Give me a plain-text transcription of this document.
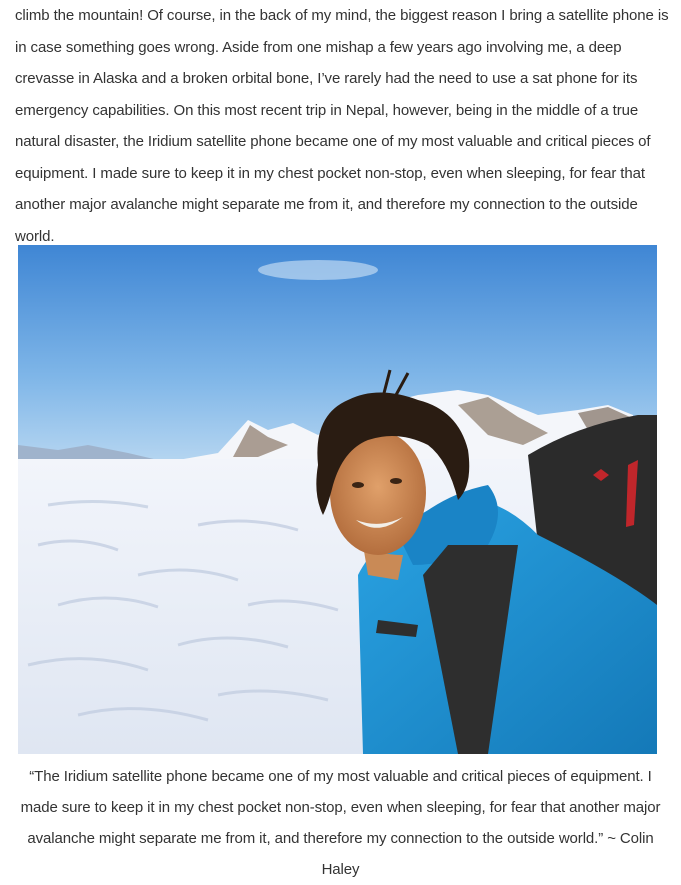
climb the mountain! Of course, in the back of my mind, the biggest reason I bring a satellite phone is in case something goes wrong. Aside from one mishap a few years ago involving me, a deep crevasse in Alaska and a broken orbital bone, I’ve rarely had the need to use a sat phone for its emergency capabilities. On this most recent trip in Nepal, however, being in the middle of a true natural disaster, the Iridium satellite phone became one of my most valuable and critical pieces of equipment. I made sure to keep it in my chest pocket non-stop, even when sleeping, for fear that another major avalanche might separate me from it, and therefore my connection to the outside world.

“The Iridium satellite phone became one of my most valuable and critical pieces of equipment. I made sure to keep it in my chest pocket non-stop, even when sleeping, for fear that another major avalanche might separate me from it, and therefore my connection to the outside world.” ~ Colin Haley
